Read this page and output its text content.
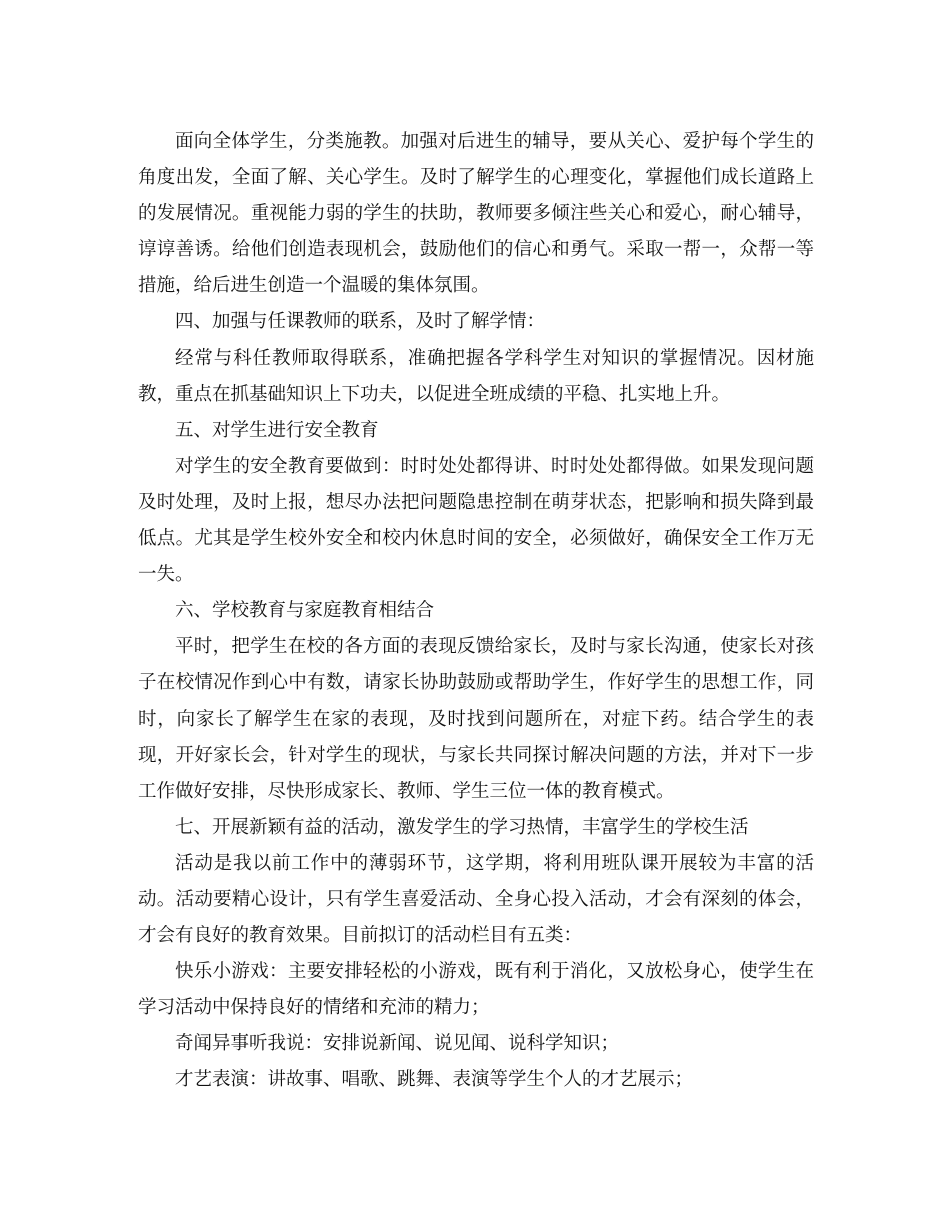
面向全体学生，分类施教。加强对后进生的辅导，要从关心、爱护每个学生的角度出发，全面了解、关心学生。及时了解学生的心理变化，掌握他们成长道路上的发展情况。重视能力弱的学生的扶助，教师要多倾注些关心和爱心，耐心辅导，谆谆善诱。给他们创造表现机会，鼓励他们的信心和勇气。采取一帮一，众帮一等措施，给后进生创造一个温暖的集体氛围。

四、加强与任课教师的联系，及时了解学情：

经常与科任教师取得联系，准确把握各学科学生对知识的掌握情况。因材施教，重点在抓基础知识上下功夫，以促进全班成绩的平稳、扎实地上升。

五、对学生进行安全教育

对学生的安全教育要做到：时时处处都得讲、时时处处都得做。如果发现问题及时处理，及时上报，想尽办法把问题隐患控制在萌芽状态，把影响和损失降到最低点。尤其是学生校外安全和校内休息时间的安全，必须做好，确保安全工作万无一失。

六、学校教育与家庭教育相结合

平时，把学生在校的各方面的表现反馈给家长，及时与家长沟通，使家长对孩子在校情况作到心中有数，请家长协助鼓励或帮助学生，作好学生的思想工作，同时，向家长了解学生在家的表现，及时找到问题所在，对症下药。结合学生的表现，开好家长会，针对学生的现状，与家长共同探讨解决问题的方法，并对下一步工作做好安排，尽快形成家长、教师、学生三位一体的教育模式。

七、开展新颖有益的活动，激发学生的学习热情，丰富学生的学校生活

活动是我以前工作中的薄弱环节，这学期，将利用班队课开展较为丰富的活动。活动要精心设计，只有学生喜爱活动、全身心投入活动，才会有深刻的体会，才会有良好的教育效果。目前拟订的活动栏目有五类：

快乐小游戏：主要安排轻松的小游戏，既有利于消化，又放松身心，使学生在学习活动中保持良好的情绪和充沛的精力；

奇闻异事听我说：安排说新闻、说见闻、说科学知识；

才艺表演：讲故事、唱歌、跳舞、表演等学生个人的才艺展示；
